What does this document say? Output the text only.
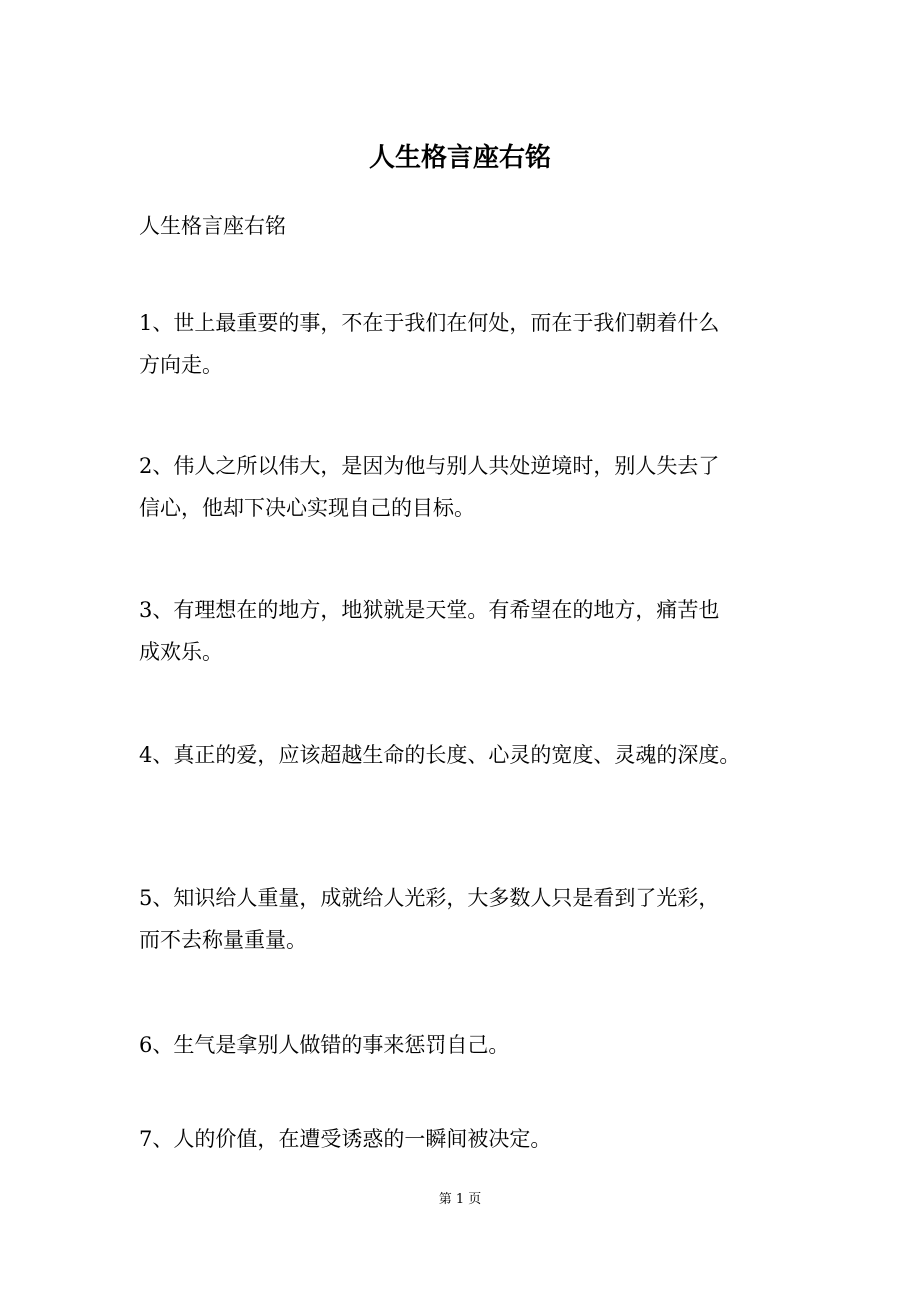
人生格言座右铭
人生格言座右铭

1、世上最重要的事，不在于我们在何处，而在于我们朝着什么

方向走。

2、伟人之所以伟大，是因为他与别人共处逆境时，别人失去了

信心，他却下决心实现自己的目标。

3、有理想在的地方，地狱就是天堂。有希望在的地方，痛苦也

成欢乐。

4、真正的爱，应该超越生命的长度、心灵的宽度、灵魂的深度。

5、知识给人重量，成就给人光彩，大多数人只是看到了光彩，

而不去称量重量。

6、生气是拿别人做错的事来惩罚自己。

7、人的价值，在遭受诱惑的一瞬间被决定。

第 1 页
